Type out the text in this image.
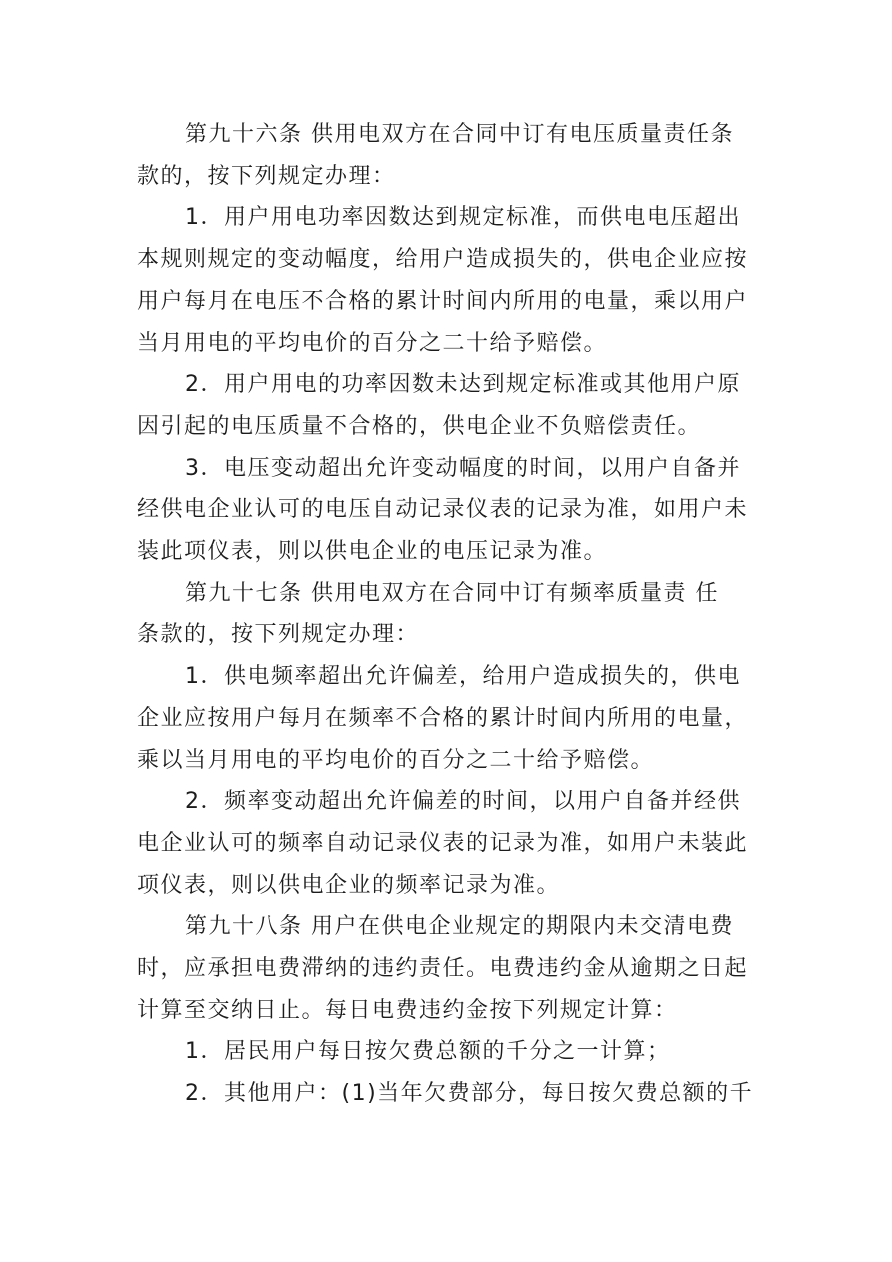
第九十六条 供用电双方在合同中订有电压质量责任条
款的，按下列规定办理：

1．用户用电功率因数达到规定标准，而供电电压超出
本规则规定的变动幅度，给用户造成损失的，供电企业应按
用户每月在电压不合格的累计时间内所用的电量，乘以用户
当月用电的平均电价的百分之二十给予赔偿。

2．用户用电的功率因数未达到规定标准或其他用户原
因引起的电压质量不合格的，供电企业不负赔偿责任。

3．电压变动超出允许变动幅度的时间，以用户自备并
经供电企业认可的电压自动记录仪表的记录为准，如用户未
装此项仪表，则以供电企业的电压记录为准。

第九十七条 供用电双方在合同中订有频率质量责 任
条款的，按下列规定办理：

1．供电频率超出允许偏差，给用户造成损失的，供电
企业应按用户每月在频率不合格的累计时间内所用的电量，
乘以当月用电的平均电价的百分之二十给予赔偿。

2．频率变动超出允许偏差的时间，以用户自备并经供
电企业认可的频率自动记录仪表的记录为准，如用户未装此
项仪表，则以供电企业的频率记录为准。

第九十八条 用户在供电企业规定的期限内未交清电费
时，应承担电费滞纳的违约责任。电费违约金从逾期之日起
计算至交纳日止。每日电费违约金按下列规定计算：

1．居民用户每日按欠费总额的千分之一计算；

2．其他用户：(1)当年欠费部分，每日按欠费总额的千
